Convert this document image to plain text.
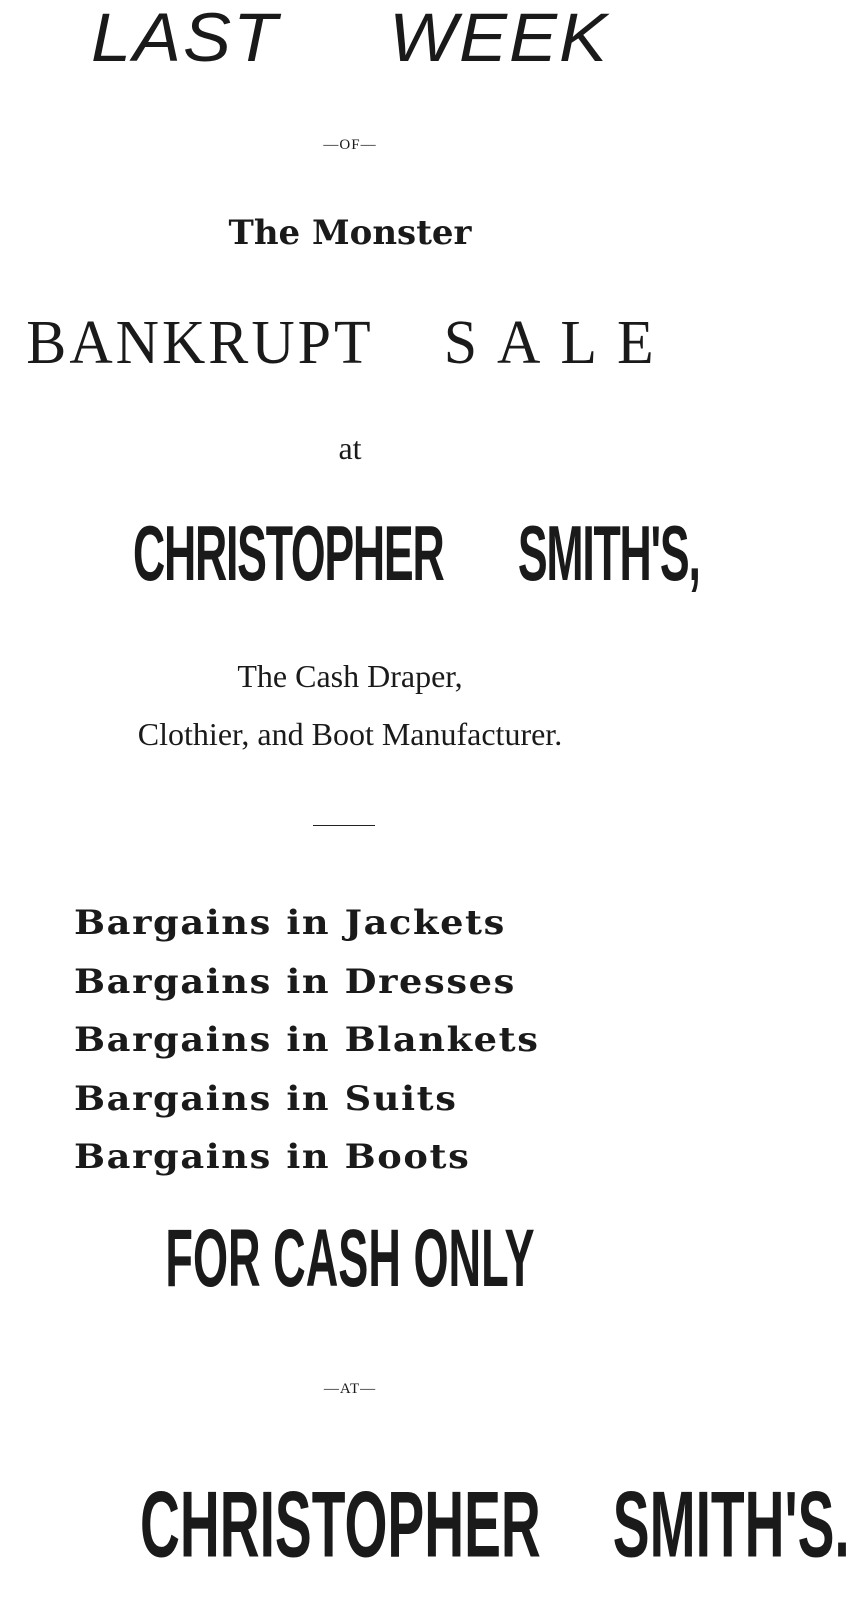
LAST WEEK
—OF—
The Monster
BANKRUPT SALE
at
CHRISTOPHER SMITH'S,
The Cash Draper,
Clothier, and Boot Manufacturer.
Bargains in Jackets
Bargains in Dresses
Bargains in Blankets
Bargains in Suits
Bargains in Boots
FOR CASH ONLY
—AT—
CHRISTOPHER SMITH'S.
